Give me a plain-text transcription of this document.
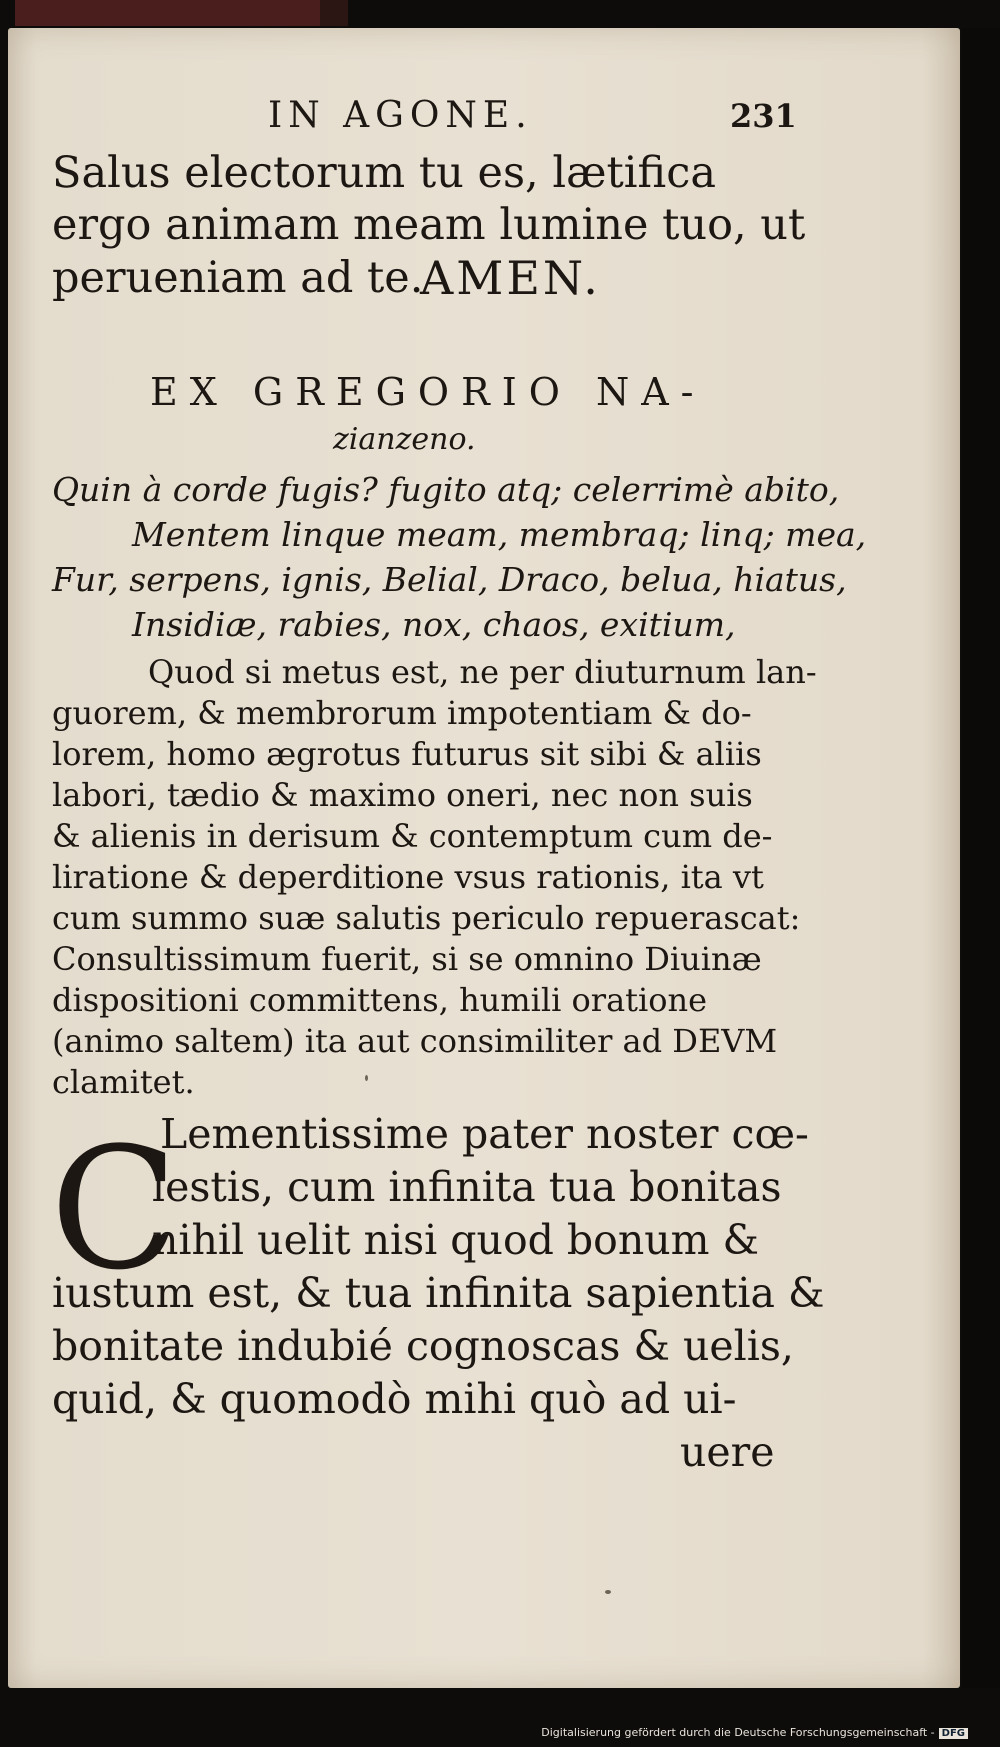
IN AGONE.	231
Salus electorum tu es, lætifica
ergo animam meam lumine tuo, ut
perueniam ad te.
AMEN.
EX GREGORIO NA-
zianzeno.
Quin à corde fugis? fugito atq; celerrimè abito,
Mentem linque meam, membraq; linq; mea,
Fur, serpens, ignis, Belial, Draco, belua, hiatus,
Insidiæ, rabies, nox, chaos, exitium,
Quod si metus est, ne per diuturnum lan-
guorem, & membrorum impotentiam & do-
lorem, homo ægrotus futurus sit sibi & aliis
labori, tædio & maximo oneri, nec non suis
& alienis in derisum & contemptum cum de-
liratione & deperditione vsus rationis, ita vt
cum summo suæ salutis periculo repuerascat:
Consultissimum fuerit, si se omnino Diuinæ
dispositioni committens, humili oratione
(animo saltem) ita aut consimiliter ad DEVM
clamitet.
C
Lementissime pater noster cœ-
lestis, cum infinita tua bonitas
nihil uelit nisi quod bonum &
iustum est, & tua infinita sapientia &
bonitate indubié cognoscas & uelis,
quid, & quomodò mihi quò ad ui-
uere
Digitalisierung gefördert durch die Deutsche Forschungsgemeinschaft - DFG
